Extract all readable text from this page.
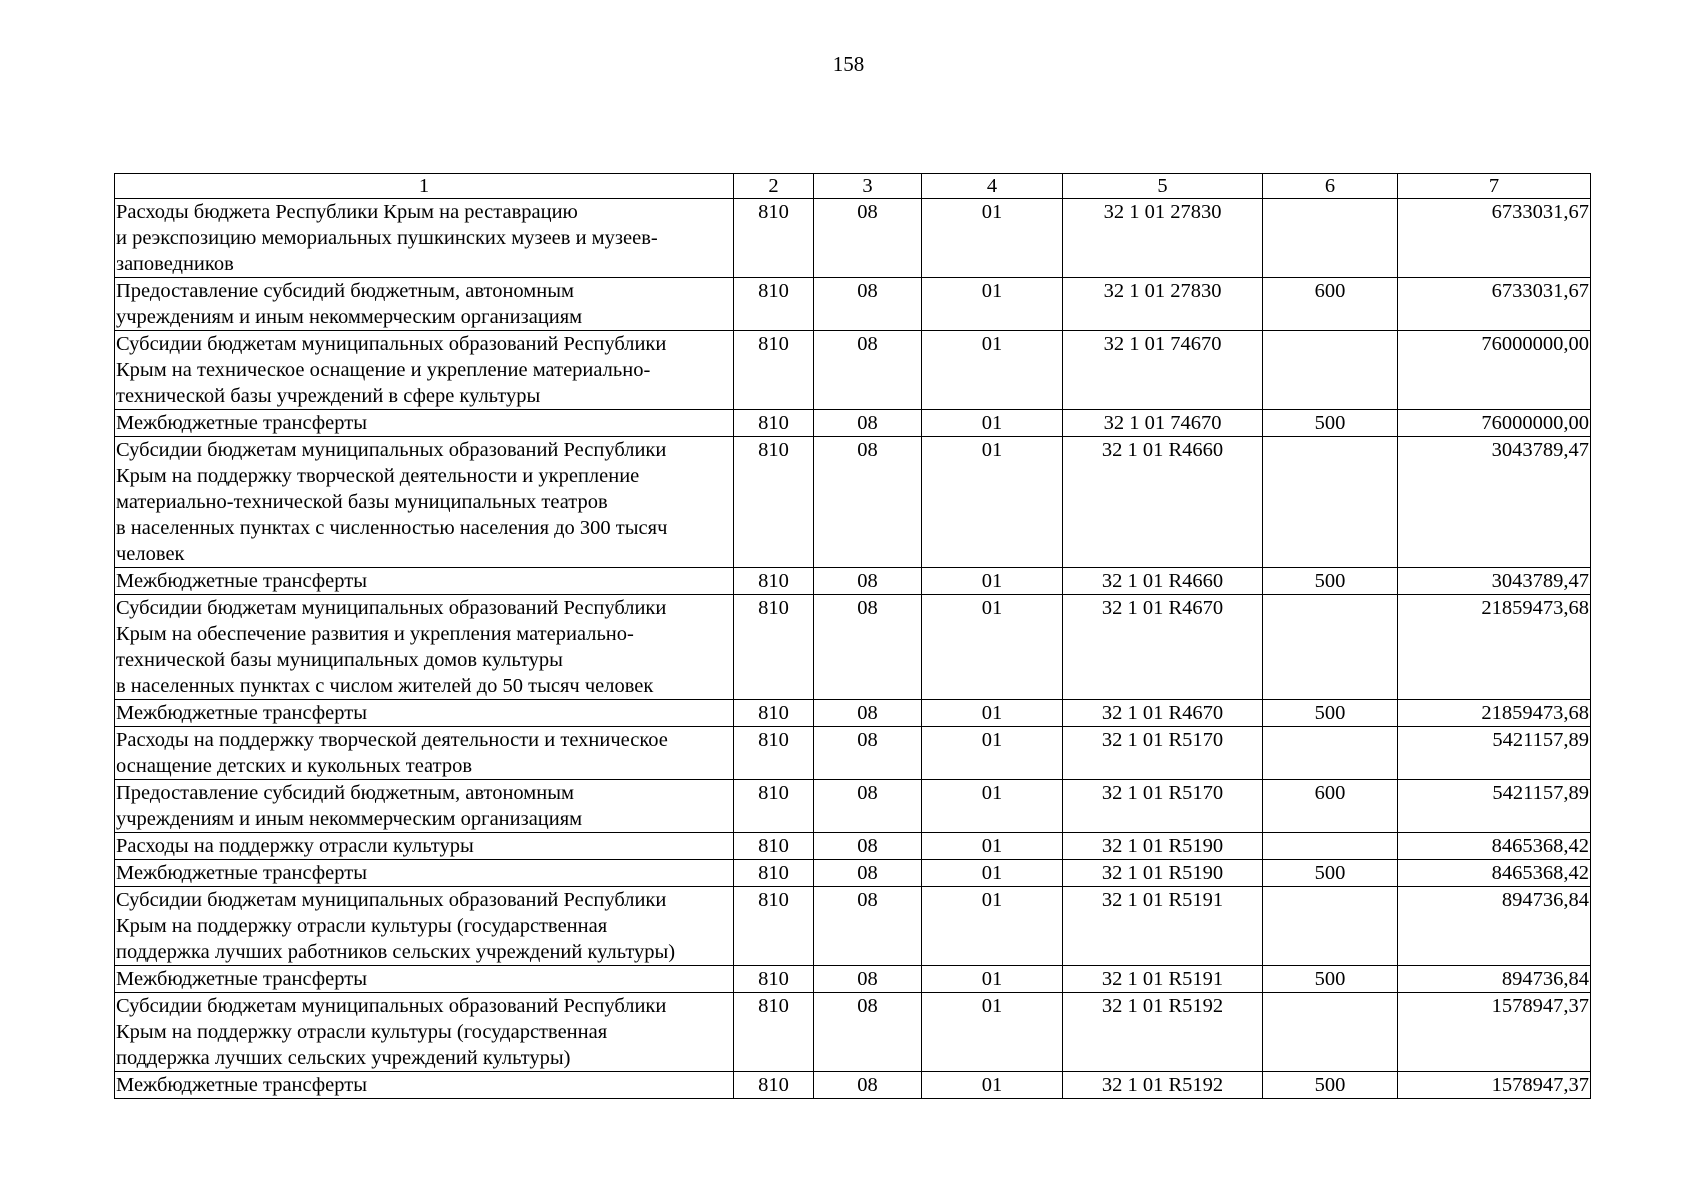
158
1	2	3	4	5	6	7
Расходы бюджета Республики Крым на реставрацию
и реэкспозицию мемориальных пушкинских музеев и музеев-
заповедников	810	08	01	32 1 01 27830		6733031,67
Предоставление субсидий бюджетным, автономным
учреждениям и иным некоммерческим организациям	810	08	01	32 1 01 27830	600	6733031,67
Субсидии бюджетам муниципальных образований Республики
Крым на техническое оснащение и укрепление материально-
технической базы учреждений в сфере культуры	810	08	01	32 1 01 74670		76000000,00
Межбюджетные трансферты	810	08	01	32 1 01 74670	500	76000000,00
Субсидии бюджетам муниципальных образований Республики
Крым на поддержку творческой деятельности и укрепление
материально-технической базы муниципальных театров
в населенных пунктах с численностью населения до 300 тысяч
человек	810	08	01	32 1 01 R4660		3043789,47
Межбюджетные трансферты	810	08	01	32 1 01 R4660	500	3043789,47
Субсидии бюджетам муниципальных образований Республики
Крым на обеспечение развития и укрепления материально-
технической базы муниципальных домов культуры
в населенных пунктах с числом жителей до 50 тысяч человек	810	08	01	32 1 01 R4670		21859473,68
Межбюджетные трансферты	810	08	01	32 1 01 R4670	500	21859473,68
Расходы на поддержку творческой деятельности и техническое
оснащение детских и кукольных театров	810	08	01	32 1 01 R5170		5421157,89
Предоставление субсидий бюджетным, автономным
учреждениям и иным некоммерческим организациям	810	08	01	32 1 01 R5170	600	5421157,89
Расходы на поддержку отрасли культуры	810	08	01	32 1 01 R5190		8465368,42
Межбюджетные трансферты	810	08	01	32 1 01 R5190	500	8465368,42
Субсидии бюджетам муниципальных образований Республики
Крым на поддержку отрасли культуры (государственная
поддержка лучших работников сельских учреждений культуры)	810	08	01	32 1 01 R5191		894736,84
Межбюджетные трансферты	810	08	01	32 1 01 R5191	500	894736,84
Субсидии бюджетам муниципальных образований Республики
Крым на поддержку отрасли культуры (государственная
поддержка лучших сельских учреждений культуры)	810	08	01	32 1 01 R5192		1578947,37
Межбюджетные трансферты	810	08	01	32 1 01 R5192	500	1578947,37
